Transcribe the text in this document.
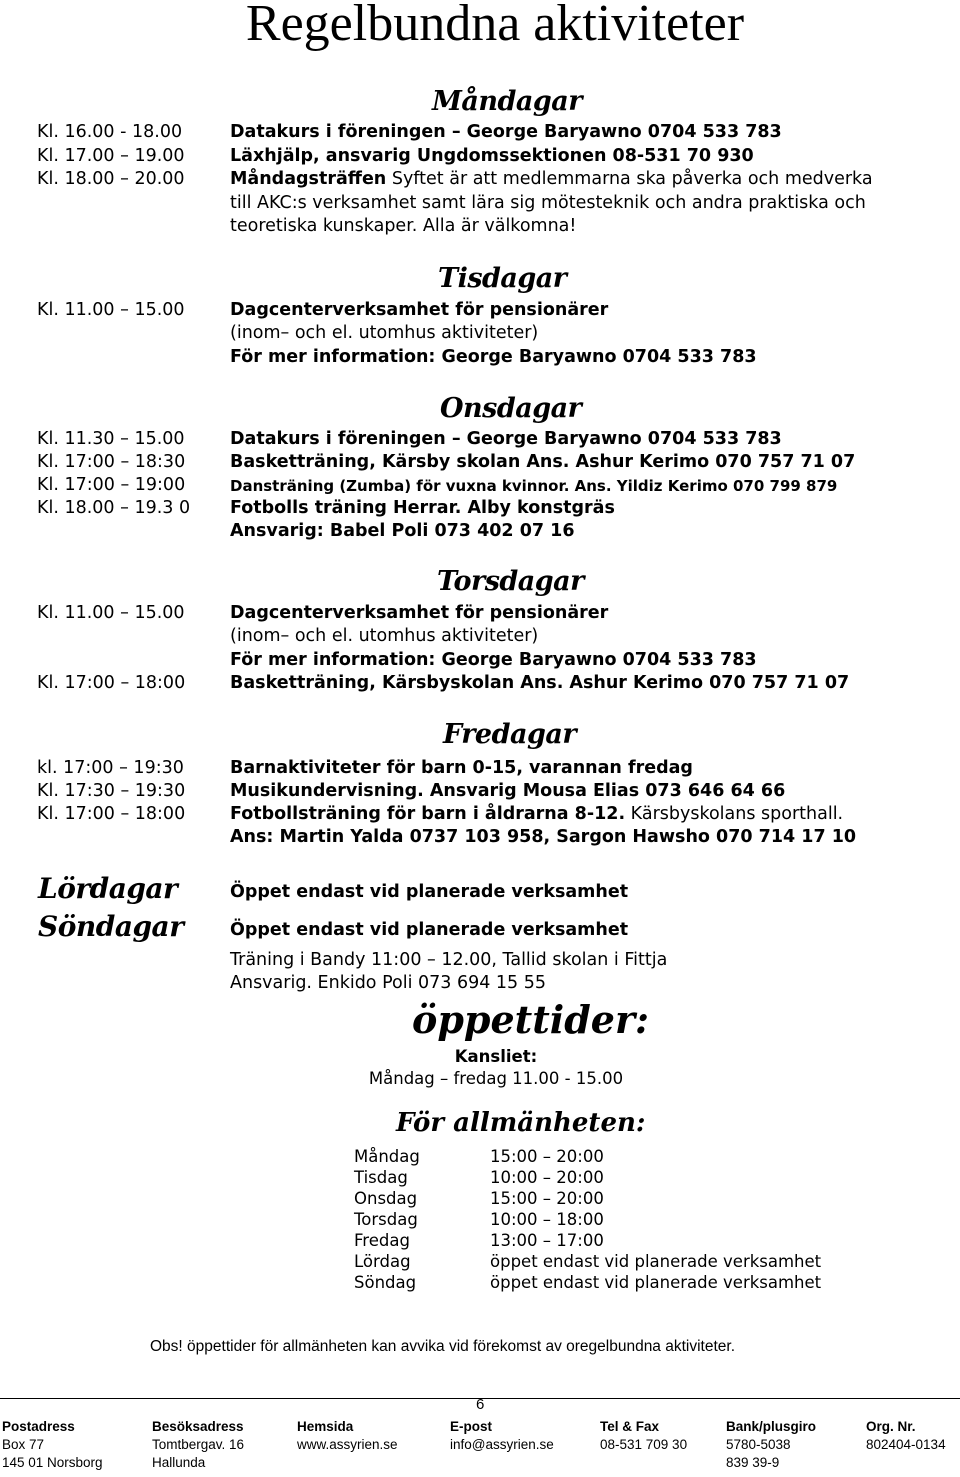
Regelbundna aktiviteter
Måndagar
Kl. 16.00 - 18.00	Datakurs i föreningen – George Baryawno 0704 533 783
Kl. 17.00 – 19.00	Läxhjälp, ansvarig Ungdomssektionen 08-531 70 930
Kl. 18.00 – 20.00	Måndagsträffen Syftet är att medlemmarna ska påverka och medverka
till AKC:s verksamhet samt lära sig mötesteknik och andra praktiska och
teoretiska kunskaper. Alla är välkomna!
Tisdagar
Kl. 11.00 – 15.00	Dagcenterverksamhet för pensionärer
(inom– och el. utomhus aktiviteter)
För mer information: George Baryawno 0704 533 783
Onsdagar
Kl. 11.30 – 15.00	Datakurs i föreningen – George Baryawno 0704 533 783
Kl. 17:00 – 18:30	Basketträning, Kärsby skolan Ans. Ashur Kerimo 070 757 71 07
Kl. 17:00 – 19:00	Dansträning (Zumba) för vuxna kvinnor. Ans. Yildiz Kerimo 070 799 879
Kl. 18.00 – 19.3 0 Fotbolls träning Herrar. Alby konstgräs
Ansvarig: Babel Poli 073 402 07 16
Torsdagar
Kl. 11.00 – 15.00	Dagcenterverksamhet för pensionärer
(inom– och el. utomhus aktiviteter)
För mer information: George Baryawno 0704 533 783
Kl. 17:00 – 18:00	Basketträning, Kärsbyskolan Ans. Ashur Kerimo 070 757 71 07
Fredagar
kl. 17:00 – 19:30	Barnaktiviteter för barn 0-15, varannan fredag
Kl. 17:30 – 19:30	Musikundervisning. Ansvarig Mousa Elias 073 646 64 66
Kl. 17:00 – 18:00	Fotbollsträning för barn i åldrarna 8-12. Kärsbyskolans sporthall.
Ans: Martin Yalda 0737 103 958, Sargon Hawsho 070 714 17 10
Lördagar	Öppet endast vid planerade verksamhet
Söndagar	Öppet endast vid planerade verksamhet
Träning i Bandy 11:00 – 12.00, Tallid skolan i Fittja
Ansvarig. Enkido Poli 073 694 15 55
öppettider:
Kansliet:
Måndag – fredag 11.00 - 15.00
För allmänheten:
Måndag	15:00 – 20:00
Tisdag	10:00 – 20:00
Onsdag	15:00 – 20:00
Torsdag	10:00 – 18:00
Fredag	13:00 – 17:00
Lördag	öppet endast vid planerade verksamhet
Söndag	öppet endast vid planerade verksamhet
Obs! öppettider för allmänheten kan avvika vid förekomst av oregelbundna aktiviteter.
6
Postadress
Box 77
145 01 Norsborg
Besöksadress
Tomtbergav. 16
Hallunda
Hemsida
www.assyrien.se
E-post
info@assyrien.se
Tel & Fax
08-531 709 30
Bank/plusgiro
5780-5038
839 39-9
Org. Nr.
802404-0134
